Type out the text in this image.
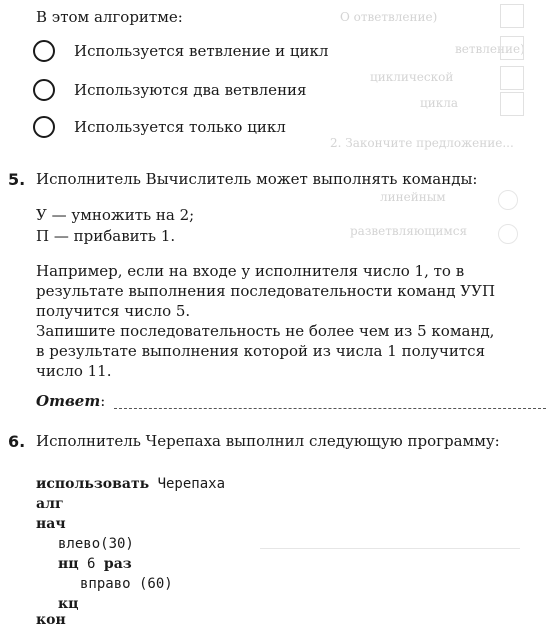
О ответвление)
ветвление)
циклической
цикла
2. Закончите предложение...
линейным
разветвляющимся
В этом алгоритме:
Используется ветвление и цикл
Используются два ветвления
Используется только цикл
5. Исполнитель Вычислитель может выполнять команды:
У — умножить на 2;
П — прибавить 1.
Например, если на входе у исполнителя число 1, то в
результате выполнения последовательности команд УУП
получится число 5.
Запишите последовательность не более чем из 5 команд,
в результате выполнения которой из числа 1 получится
число 11.
Ответ:
6. Исполнитель Черепаха выполнил следующую программу:
использовать Черепаха
алг
нач
влево(30)
нц 6 раз
вправо (60)
кц
кон
